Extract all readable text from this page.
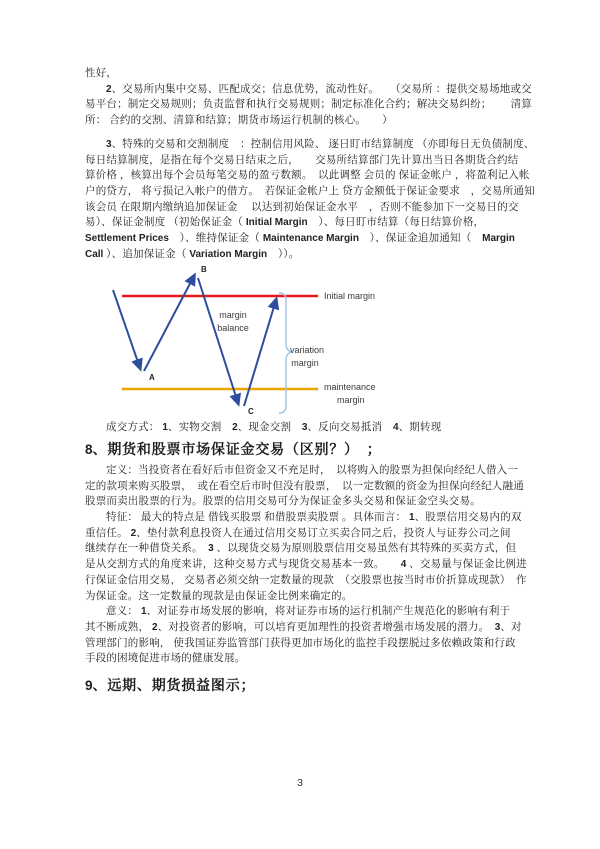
性好，
2、交易所内集中交易、匹配成交；信息优势，流动性好。　　（交易所 ：提供交易场地或交
易平台；制定交易规则；负责监督和执行交易规则；制定标准化合约；解决交易纠纷；　　 清算
所： 合约的交割、清算和结算；期货市场运行机制的核心。　　）
3、特殊的交易和交割制度　：控制信用风险、 逐日盯市结算制度 （亦即每日无负债制度、
每日结算制度，是指在每个交易日结束之后，　　交易所结算部门先计算出当日各期货合约结
算价格 ，核算出每个会员每笔交易的盈亏数额。　以此调整 会员的 保证金帐户 ，将盈利记入帐
户的贷方， 将亏损记入帐户的借方。　若保证金帐户上 贷方金额低于保证金要求　，交易所通知
该会员 在限期内缴纳追加保证金　 以达到初始保证金水平　，否则不能参加下一交易日的交
易）、保证金制度 （初始保证金（ Initial Margin　）、每日盯市结算（每日结算价格，
Settlement Prices　）、维持保证金（ Maintenance Margin　）、保证金追加通知（　Margin
Call ）、追加保证金（ Variation Margin　））。
Initial margin
maintenance
margin
margin
balance
variation
margin
A
B
C
成交方式： 1、实物交割　2、现金交割　3、反向交易抵消　4、期转现
8、期货和股票市场保证金交易（区别？）　；
定义：当投资者在看好后市但资金又不充足时，　以将购入的股票为担保向经纪人借入一
定的款项来购买股票，　或在看空后市时但没有股票，　以一定数额的资金为担保向经纪人融通
股票而卖出股票的行为。股票的信用交易可分为保证金多头交易和保证金空头交易。
特征： 最大的特点是 借钱买股票 和借股票卖股票 。具体而言： 1、股票信用交易内的双
重信任。 2、垫付款利息投资人在通过信用交易订立买卖合同之后，投资人与证券公司之间
继续存在一种借贷关系。　3 、以现货交易为原则股票信用交易虽然有其特殊的买卖方式，但
是从交割方式的角度来讲，这种交易方式与现货交易基本一致。　　4 、交易量与保证金比例进
行保证金信用交易， 交易者必须交纳一定数量的现款　（交股票也按当时市价折算成现款）　作
为保证金。这一定数量的现款是由保证金比例来确定的。
意义： 1、对证券市场发展的影响，将对证券市场的运行机制产生规范化的影响有利于
其不断成熟， 2、对投资者的影响，可以培育更加理性的投资者增强市场发展的潜力。　3、对
管理部门的影响， 使我国证券监管部门获得更加市场化的监控手段摆脱过多依赖政策和行政
手段的困境促进市场的健康发展。
9、远期、期货损益图示；
3
